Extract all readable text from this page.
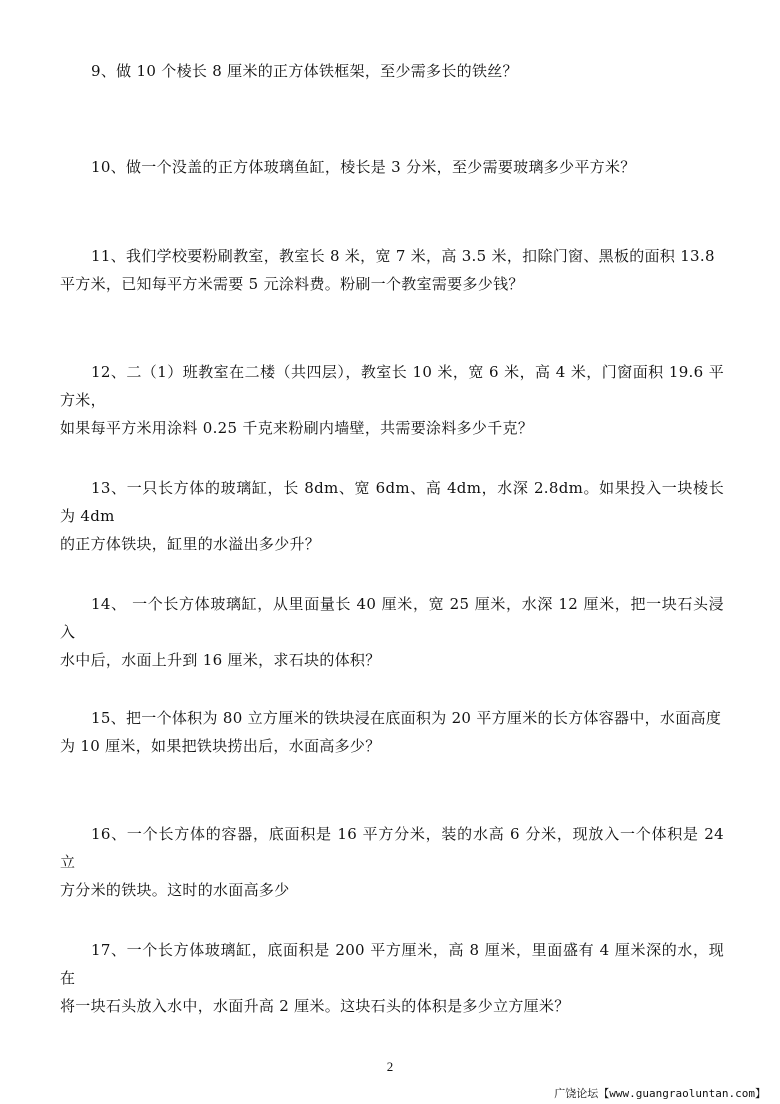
9、做 10 个棱长 8 厘米的正方体铁框架，至少需多长的铁丝？
10、做一个没盖的正方体玻璃鱼缸，棱长是 3 分米，至少需要玻璃多少平方米？
11、我们学校要粉刷教室，教室长 8 米，宽 7 米，高 3.5 米，扣除门窗、黑板的面积 13.8
平方米，已知每平方米需要 5 元涂料费。粉刷一个教室需要多少钱？
12、二（1）班教室在二楼（共四层），教室长 10 米，宽 6 米，高 4 米，门窗面积 19.6 平方米，
如果每平方米用涂料 0.25 千克来粉刷内墙壁，共需要涂料多少千克？
13、一只长方体的玻璃缸，长 8dm、宽 6dm、高 4dm，水深 2.8dm。如果投入一块棱长为 4dm
的正方体铁块，缸里的水溢出多少升？
14、 一个长方体玻璃缸，从里面量长 40 厘米，宽 25 厘米，水深 12 厘米，把一块石头浸入
水中后，水面上升到 16 厘米，求石块的体积？
15、把一个体积为 80 立方厘米的铁块浸在底面积为 20 平方厘米的长方体容器中，水面高度
为 10 厘米，如果把铁块捞出后，水面高多少？
16、一个长方体的容器，底面积是 16 平方分米，装的水高 6 分米，现放入一个体积是 24 立
方分米的铁块。这时的水面高多少
17、一个长方体玻璃缸，底面积是 200 平方厘米，高 8 厘米，里面盛有 4 厘米深的水，现在
将一块石头放入水中，水面升高 2 厘米。这块石头的体积是多少立方厘米？
2
广饶论坛【www.guangraoluntan.com】
